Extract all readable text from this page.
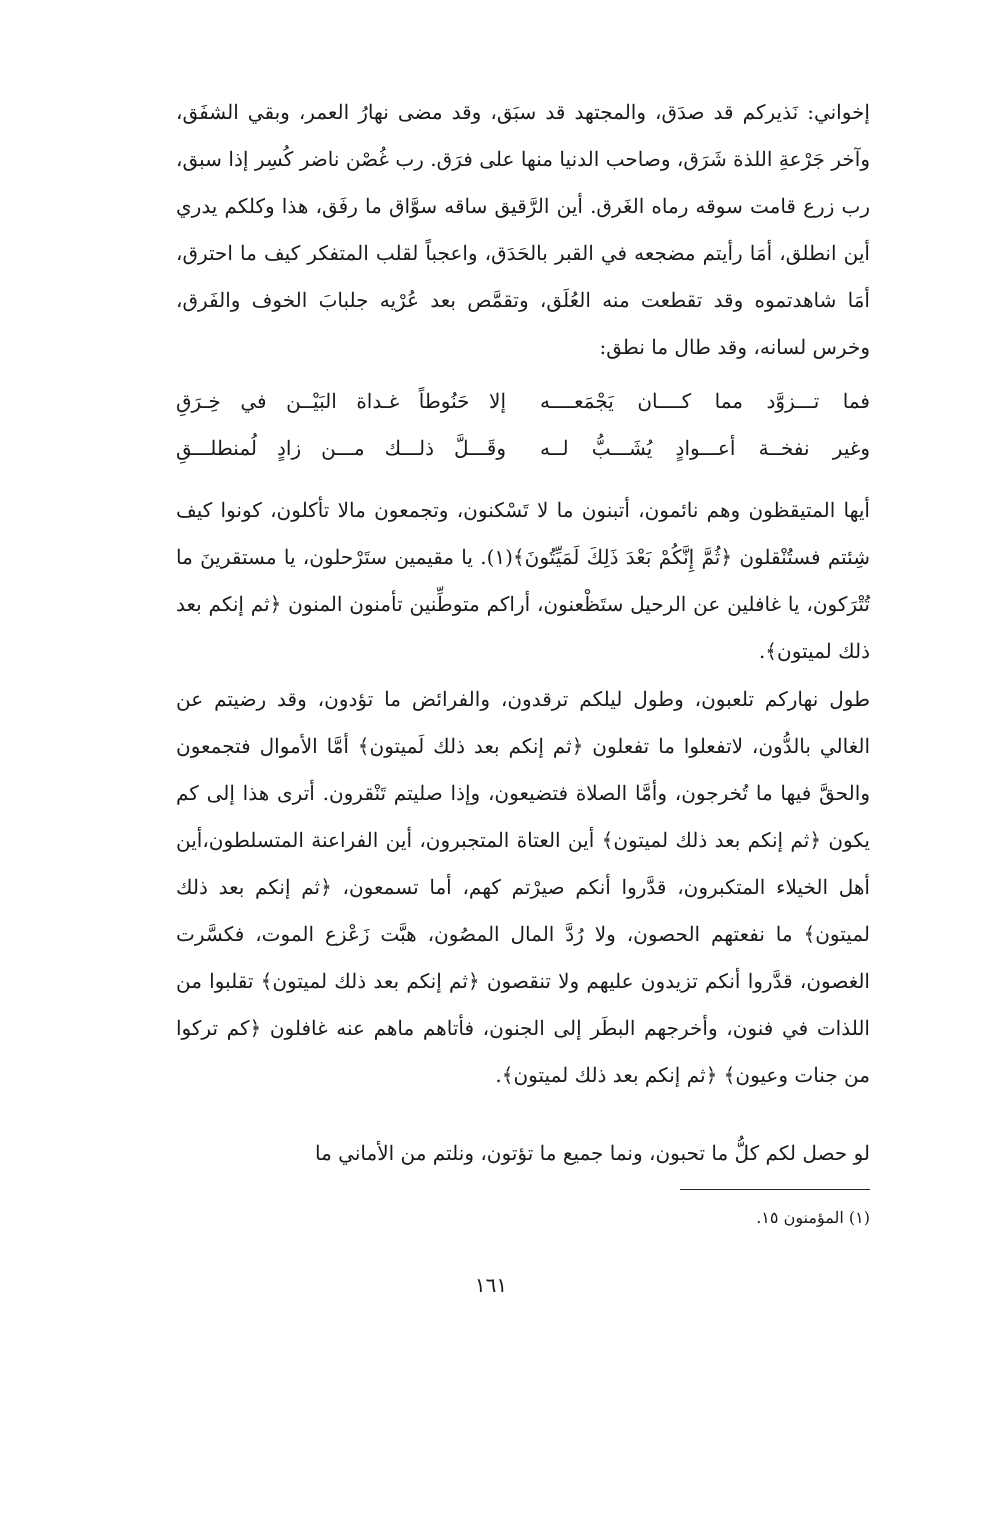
إخواني: نَذيركم قد صدَق، والمجتهد قد سبَق، وقد مضى نهارُ العمر، وبقي الشفَق، وآخر جَرْعةِ اللذة شَرَق، وصاحب الدنيا منها على فرَق. رب غُصْن ناضر كُسِر إذا سبق، رب زرع قامت سوقه رماه الغَرق. أين الرَّقيق ساقه سوَّاق ما رفَق، هذا وكلكم يدري أين انطلق، أمَا رأيتم مضجعه في القبر بالحَدَق، واعجباً لقلب المتفكر كيف ما احترق، أمَا شاهدتموه وقد تقطعت منه العُلَق، وتقمَّص بعد عُرْيه جلبابَ الخوف والفَرق، وخرس لسانه، وقد طال ما نطق:

فما تـــزوَّد مما كــــان يَجْمَعــــه
إلا حَنُوطاً غـداة البَيْــن في خِـرَقِ
وغير نفخــة أعـــوادٍ يُشَـــبُّ لــه
وقَـــلَّ ذلـــك مـــن زادٍ لُمنطلـــقِ

أيها المتيقظون وهم نائمون، أتبنون ما لا تَسْكنون، وتجمعون مالا تأكلون، كونوا كيف شِئتم فستُنْقلون ﴿ثُمَّ إِنَّكُمْ بَعْدَ ذَلِكَ لَمَيِّتُونَ﴾(١). يا مقيمين ستَرْحلون، يا مستقرينَ ما تُتْرَكون، يا غافلين عن الرحيل ستَظْعنون، أراكم متوطِّنين تأمنون المنون ﴿ثم إنكم بعد ذلك لميتون﴾.

طول نهاركم تلعبون، وطول ليلكم ترقدون، والفرائض ما تؤدون، وقد رضيتم عن الغالي بالدُّون، لاتفعلوا ما تفعلون ﴿ثم إنكم بعد ذلك لَميتون﴾ أمَّا الأموال فتجمعون والحقَّ فيها ما تُخرجون، وأمَّا الصلاة فتضيعون، وإذا صليتم تَنْقرون. أترى هذا إلى كم يكون ﴿ثم إنكم بعد ذلك لميتون﴾ أين العتاة المتجبرون، أين الفراعنة المتسلطون،أين أهل الخيلاء المتكبرون، قدَّروا أنكم صيرْتم كهم، أما تسمعون، ﴿ثم إنكم بعد ذلك لميتون﴾ ما نفعتهم الحصون، ولا رُدَّ المال المصُون، هبَّت زَعْزع الموت، فكسَّرت الغصون، قدَّروا أنكم تزيدون عليهم ولا تنقصون ﴿ثم إنكم بعد ذلك لميتون﴾ تقلبوا من اللذات في فنون، وأخرجهم البطَر إلى الجنون، فأتاهم ماهم عنه غافلون ﴿كم تركوا من جنات وعيون﴾ ﴿ثم إنكم بعد ذلك لميتون﴾.

لو حصل لكم كلُّ ما تحبون، ونما جميع ما تؤتون، ونلتم من الأماني ما

(١) المؤمنون ١٥.
١٦١
